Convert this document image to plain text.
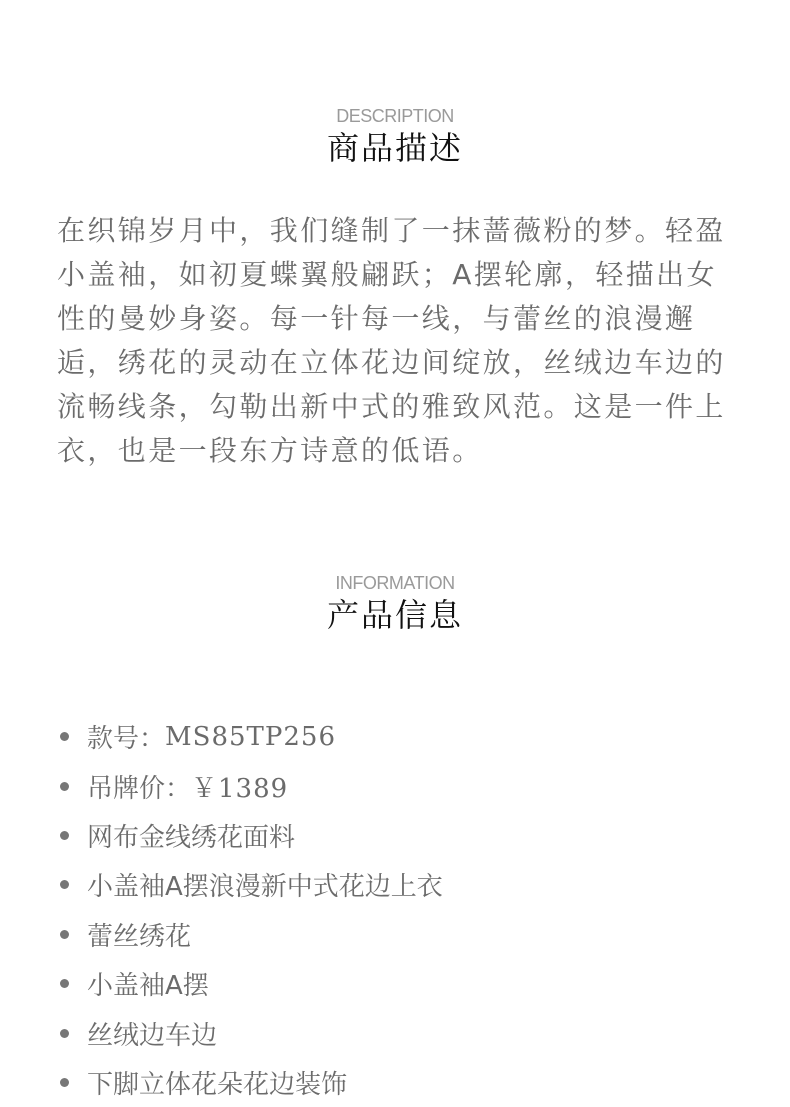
DESCRIPTION
商品描述

在织锦岁月中，我们缝制了一抹蔷薇粉的梦。轻盈小盖袖，如初夏蝶翼般翩跃；A摆轮廓，轻描出女性的曼妙身姿。每一针每一线，与蕾丝的浪漫邂逅，绣花的灵动在立体花边间绽放，丝绒边车边的流畅线条，勾勒出新中式的雅致风范。这是一件上衣，也是一段东方诗意的低语。

INFORMATION
产品信息
款号： MS85TP256
吊牌价： ￥1389
网布金线绣花面料
小盖袖A摆浪漫新中式花边上衣
蕾丝绣花
小盖袖A摆
丝绒边车边
下脚立体花朵花边装饰
